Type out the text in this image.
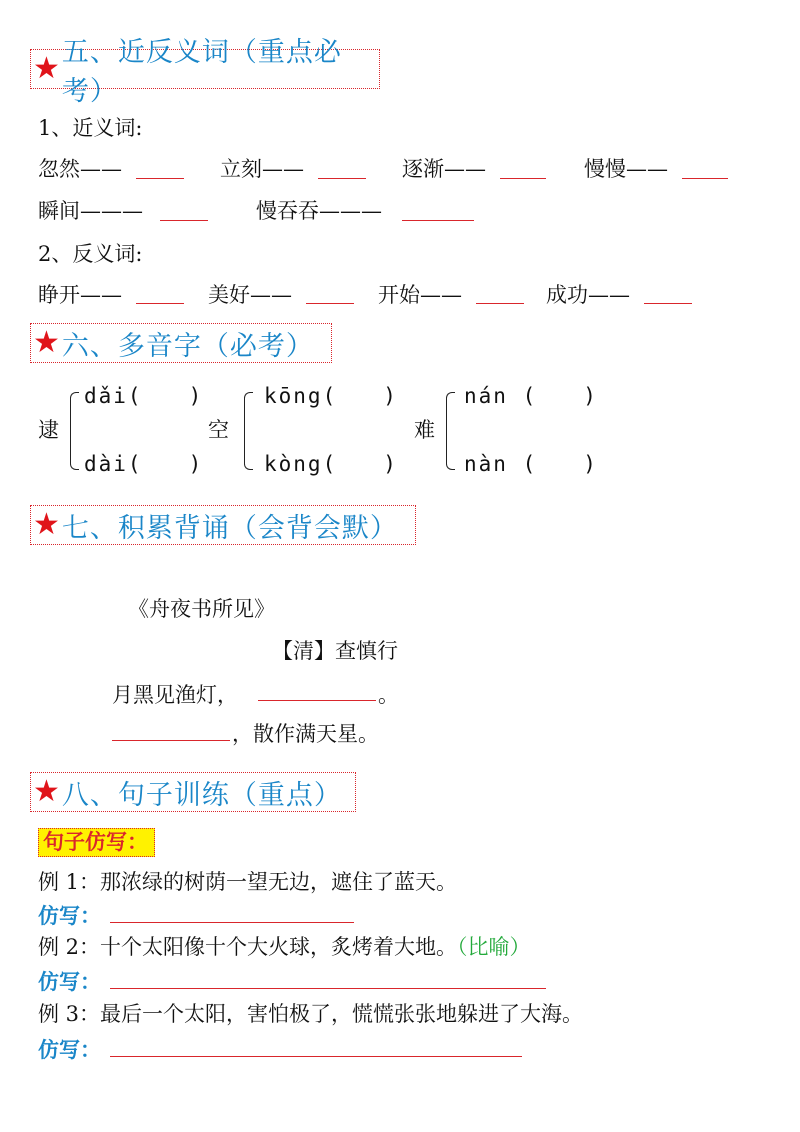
★ 五、近反义词（重点必考）
1、近义词:
忽然——	立刻——	逐渐——	慢慢——
瞬间———	慢吞吞———
2、反义词:
睁开——	美好——	开始——	成功——
★ 六、多音字（必考）
逮
dǎi(　　)
dài(　　)
空
kōng(　　)
kòng(　　)
难
nán (　　)
nàn (　　)
★ 七、积累背诵（会背会默）
《舟夜书所见》
【清】查慎行
月黑见渔灯，	。
，散作满天星。
★ 八、句子训练（重点）
句子仿写：
例 1：那浓绿的树荫一望无边，遮住了蓝天。
仿写：
例 2：十个太阳像十个大火球，炙烤着大地。（比喻）
仿写：
例 3：最后一个太阳，害怕极了，慌慌张张地躲进了大海。
仿写：
